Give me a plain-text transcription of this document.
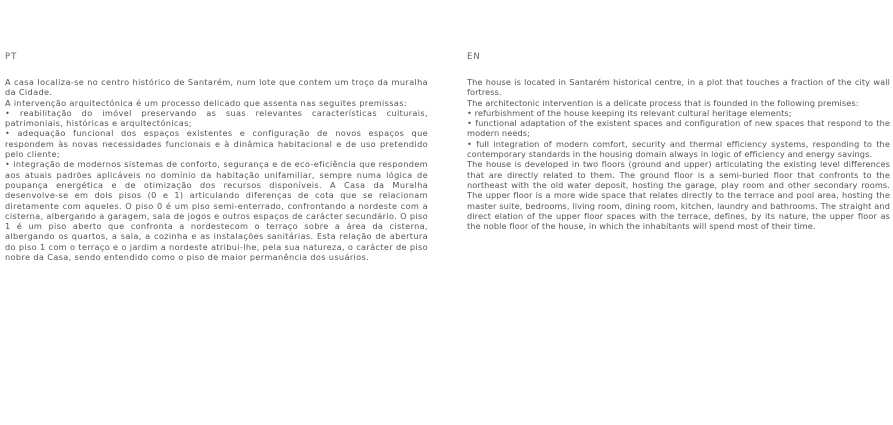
PT

A casa localiza-se no centro histórico de Santarém, num lote que contem um troço da muralha da Cidade.

A intervenção arquitectónica é um processo delicado que assenta nas seguites premissas:

• reabilitação do imóvel preservando as suas relevantes características culturais, patrimoniais, históricas e arquitectónicas;

• adequação funcional dos espaços existentes e configuração de novos espaços que respondem às novas necessidades funcionais e à dinâmica habitacional e de uso pretendido pelo cliente;

• integração de modernos sistemas de conforto, segurança e de eco-eficiência que respondem aos atuais padrões aplicáveis no domínio da habitação unifamiliar, sempre numa lógica de poupança energética e de otimização dos recursos disponíveis. A Casa da Muralha desenvolve-se em dois pisos (0 e 1) articulando diferenças de cota que se relacionam diretamente com aqueles. O piso 0 é um piso semi-enterrado, confrontando a nordeste com a cisterna, albergando a garagem, sala de jogos e outros espaços de carácter secundário. O piso 1 é um piso aberto que confronta a nordestecom o terraço sobre a área da cisterna, albergando os quartos, a sala, a cozinha e as instalações sanitárias. Esta relação de abertura do piso 1 com o terraço e o jardim a nordeste atribui-lhe, pela sua natureza, o carácter de piso nobre da Casa, sendo entendido como o piso de maior permanência dos usuários.

EN

The house is located in Santarém historical centre, in a plot that touches a fraction of the city wall fortress.

The architectonic intervention is a delicate process that is founded in the following premises:

• refurbishment of the house keeping its relevant cultural heritage elements;

• functional adaptation of the existent spaces and configuration of new spaces that respond to the modern needs;

• full integration of modern comfort, security and thermal efficiency systems, responding to the contemporary standards in the housing domain always in logic of efficiency and energy savings.

The house is developed in two floors (ground and upper) articulating the existing level differences that are directly related to them. The ground floor is a semi-buried floor that confronts to the northeast with the old water deposit, hosting the garage, play room and other secondary rooms. The upper floor is a more wide space that relates directly to the terrace and pool area, hosting the master suite, bedrooms, living room, dining room, kitchen, laundry and bathrooms. The straight and direct elation of the upper floor spaces with the terrace, defines, by its nature, the upper floor as the noble floor of the house, in which the inhabitants will spend most of their time.
